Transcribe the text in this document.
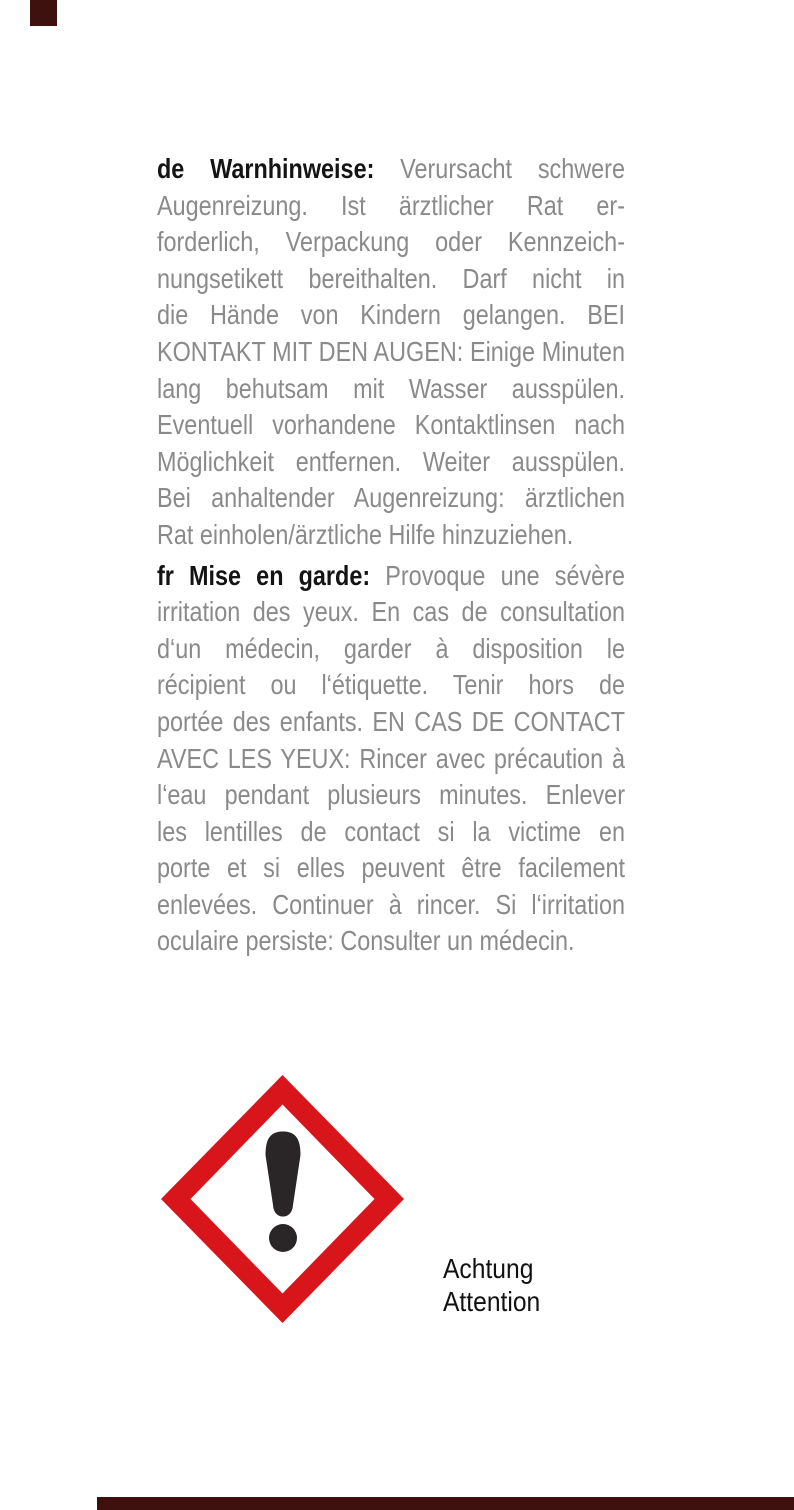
de Warnhinweise: Verursacht schwere
Augenreizung. Ist ärztlicher Rat er-
forderlich, Verpackung oder Kennzeich-
nungsetikett bereithalten. Darf nicht in
die Hände von Kindern gelangen. BEI
KONTAKT MIT DEN AUGEN: Einige Minuten
lang behutsam mit Wasser ausspülen.
Eventuell vorhandene Kontaktlinsen nach
Möglichkeit entfernen. Weiter ausspülen.
Bei anhaltender Augenreizung: ärztlichen
Rat einholen/ärztliche Hilfe hinzuziehen.

fr Mise en garde: Provoque une sévère
irritation des yeux. En cas de consultation
d‘un médecin, garder à disposition le
récipient ou l‘étiquette. Tenir hors de
portée des enfants. EN CAS DE CONTACT
AVEC LES YEUX: Rincer avec précaution à
l‘eau pendant plusieurs minutes. Enlever
les lentilles de contact si la victime en
porte et si elles peuvent être facilement
enlevées. Continuer à rincer. Si l‘irritation
oculaire persiste: Consulter un médecin.

Achtung
Attention
